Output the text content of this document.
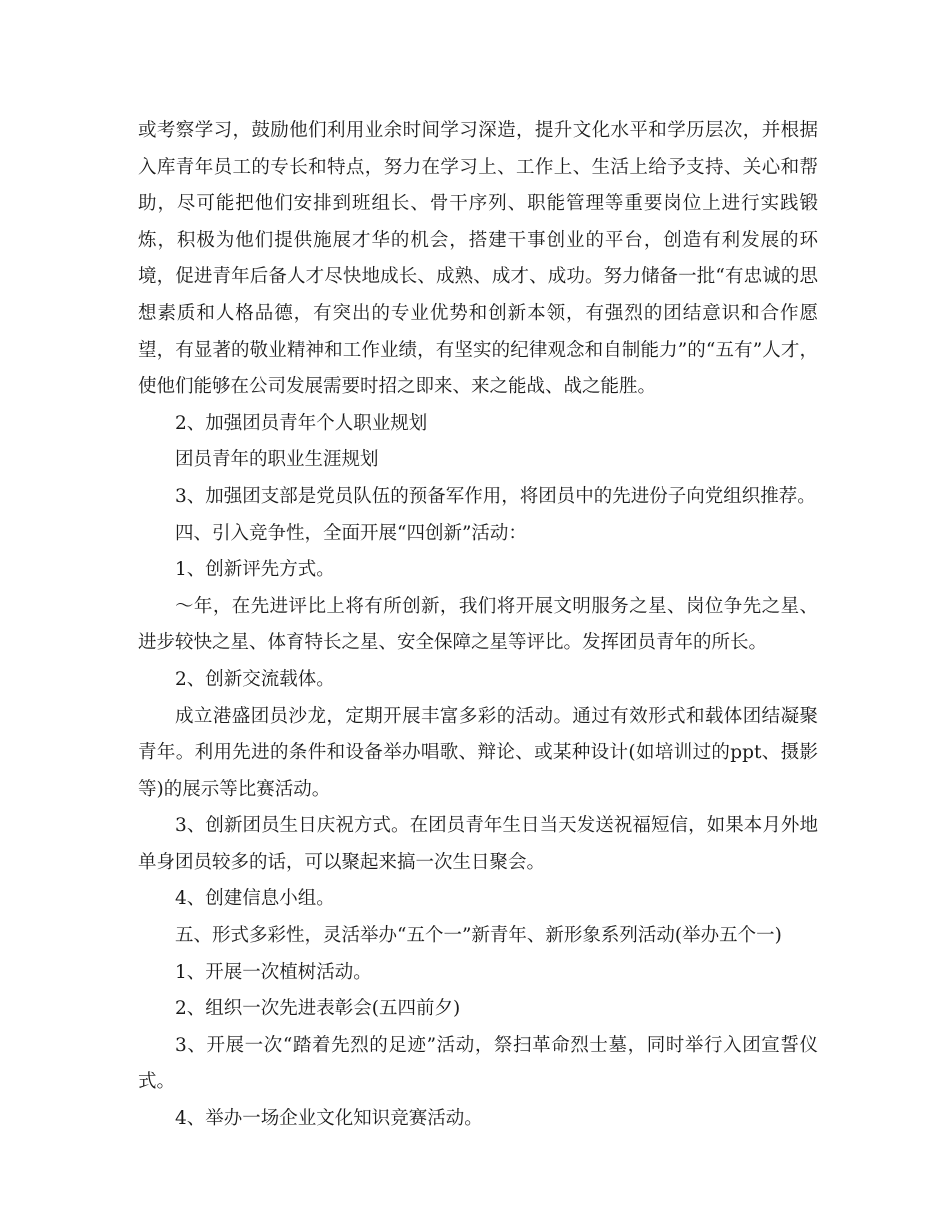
或考察学习，鼓励他们利用业余时间学习深造，提升文化水平和学历层次，并根据入库青年员工的专长和特点，努力在学习上、工作上、生活上给予支持、关心和帮助，尽可能把他们安排到班组长、骨干序列、职能管理等重要岗位上进行实践锻炼，积极为他们提供施展才华的机会，搭建干事创业的平台，创造有利发展的环境，促进青年后备人才尽快地成长、成熟、成才、成功。努力储备一批“有忠诚的思想素质和人格品德，有突出的专业优势和创新本领，有强烈的团结意识和合作愿望，有显著的敬业精神和工作业绩，有坚实的纪律观念和自制能力”的“五有”人才，使他们能够在公司发展需要时招之即来、来之能战、战之能胜。

2、加强团员青年个人职业规划

团员青年的职业生涯规划

3、加强团支部是党员队伍的预备军作用，将团员中的先进份子向党组织推荐。

四、引入竞争性，全面开展“四创新”活动：

1、创新评先方式。

～年，在先进评比上将有所创新，我们将开展文明服务之星、岗位争先之星、进步较快之星、体育特长之星、安全保障之星等评比。发挥团员青年的所长。

2、创新交流载体。

成立港盛团员沙龙，定期开展丰富多彩的活动。通过有效形式和载体团结凝聚青年。利用先进的条件和设备举办唱歌、辩论、或某种设计(如培训过的ppt、摄影等)的展示等比赛活动。

3、创新团员生日庆祝方式。在团员青年生日当天发送祝福短信，如果本月外地单身团员较多的话，可以聚起来搞一次生日聚会。

4、创建信息小组。

五、形式多彩性，灵活举办“五个一”新青年、新形象系列活动(举办五个一)

1、开展一次植树活动。

2、组织一次先进表彰会(五四前夕)

3、开展一次“踏着先烈的足迹”活动，祭扫革命烈士墓，同时举行入团宣誓仪式。

4、举办一场企业文化知识竞赛活动。
